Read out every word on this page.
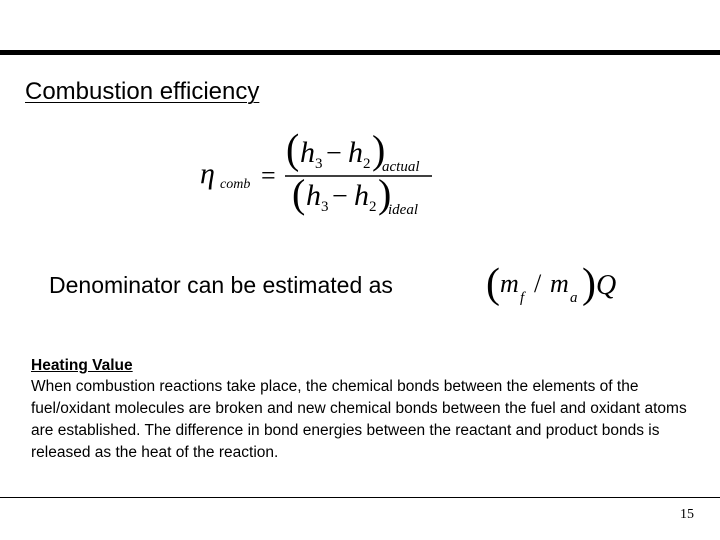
Combustion efficiency
η comb =
( h 3 − h 2 )
actual
( h 3 − h 2 )
ideal
Denominator can be estimated as ( m f / m a ) Q
Heating Value

When combustion reactions take place, the chemical bonds between the elements of the fuel/oxidant molecules are broken and new chemical bonds between the fuel and oxidant atoms are established. The difference in bond energies between the reactant and product bonds is released as the heat of the reaction.

15
